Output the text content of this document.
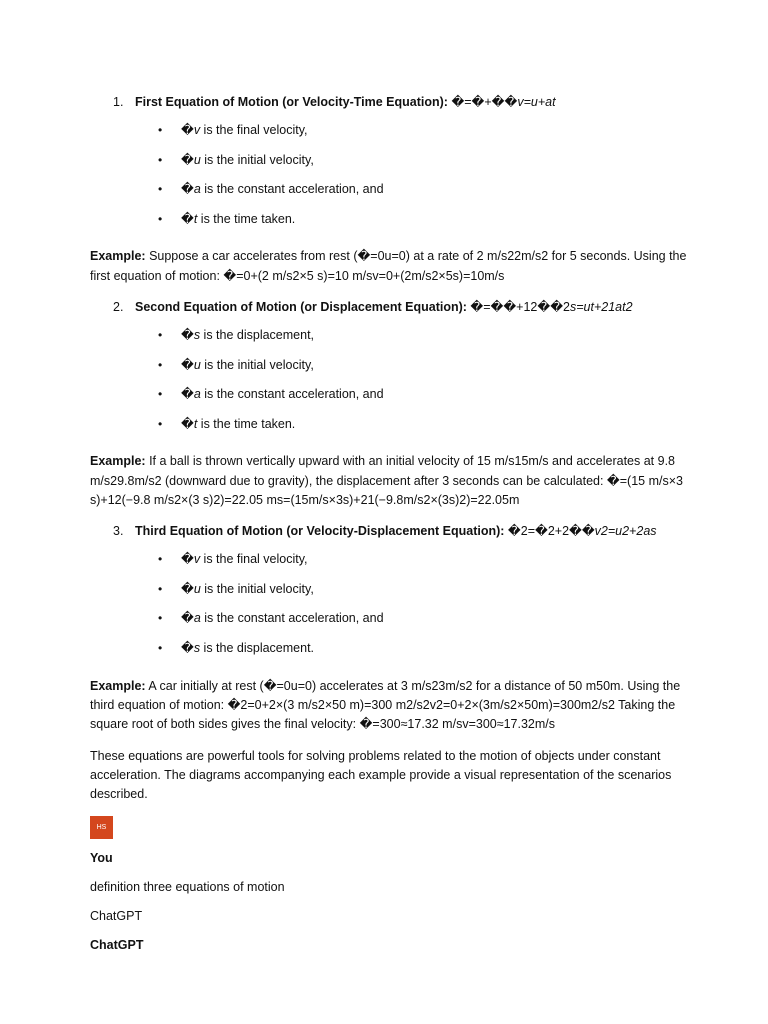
1. First Equation of Motion (or Velocity-Time Equation): �=�+��v=u+at
• �v is the final velocity,
• �u is the initial velocity,
• �a is the constant acceleration, and
• �t is the time taken.

Example: Suppose a car accelerates from rest (�=0u=0) at a rate of 2 m/s22m/s2 for 5 seconds. Using the first equation of motion: �=0+(2 m/s2×5 s)=10 m/sv=0+(2m/s2×5s)=10m/s

2. Second Equation of Motion (or Displacement Equation): �=��+12��2s=ut+21at2
• �s is the displacement,
• �u is the initial velocity,
• �a is the constant acceleration, and
• �t is the time taken.

Example: If a ball is thrown vertically upward with an initial velocity of 15 m/s15m/s and accelerates at 9.8 m/s29.8m/s2 (downward due to gravity), the displacement after 3 seconds can be calculated: �=(15 m/s×3 s)+12(−9.8 m/s2×(3 s)2)=22.05 ms=(15m/s×3s)+21(−9.8m/s2×(3s)2)=22.05m

3. Third Equation of Motion (or Velocity-Displacement Equation): �2=�2+2��v2=u2+2as
• �v is the final velocity,
• �u is the initial velocity,
• �a is the constant acceleration, and
• �s is the displacement.

Example: A car initially at rest (�=0u=0) accelerates at 3 m/s23m/s2 for a distance of 50 m50m. Using the third equation of motion: �2=0+2×(3 m/s2×50 m)=300 m2/s2v2=0+2×(3m/s2×50m)=300m2/s2 Taking the square root of both sides gives the final velocity: �=300≈17.32 m/sv=300≈17.32m/s

These equations are powerful tools for solving problems related to the motion of objects under constant acceleration. The diagrams accompanying each example provide a visual representation of the scenarios described.

HS
You
definition three equations of motion
ChatGPT
ChatGPT
